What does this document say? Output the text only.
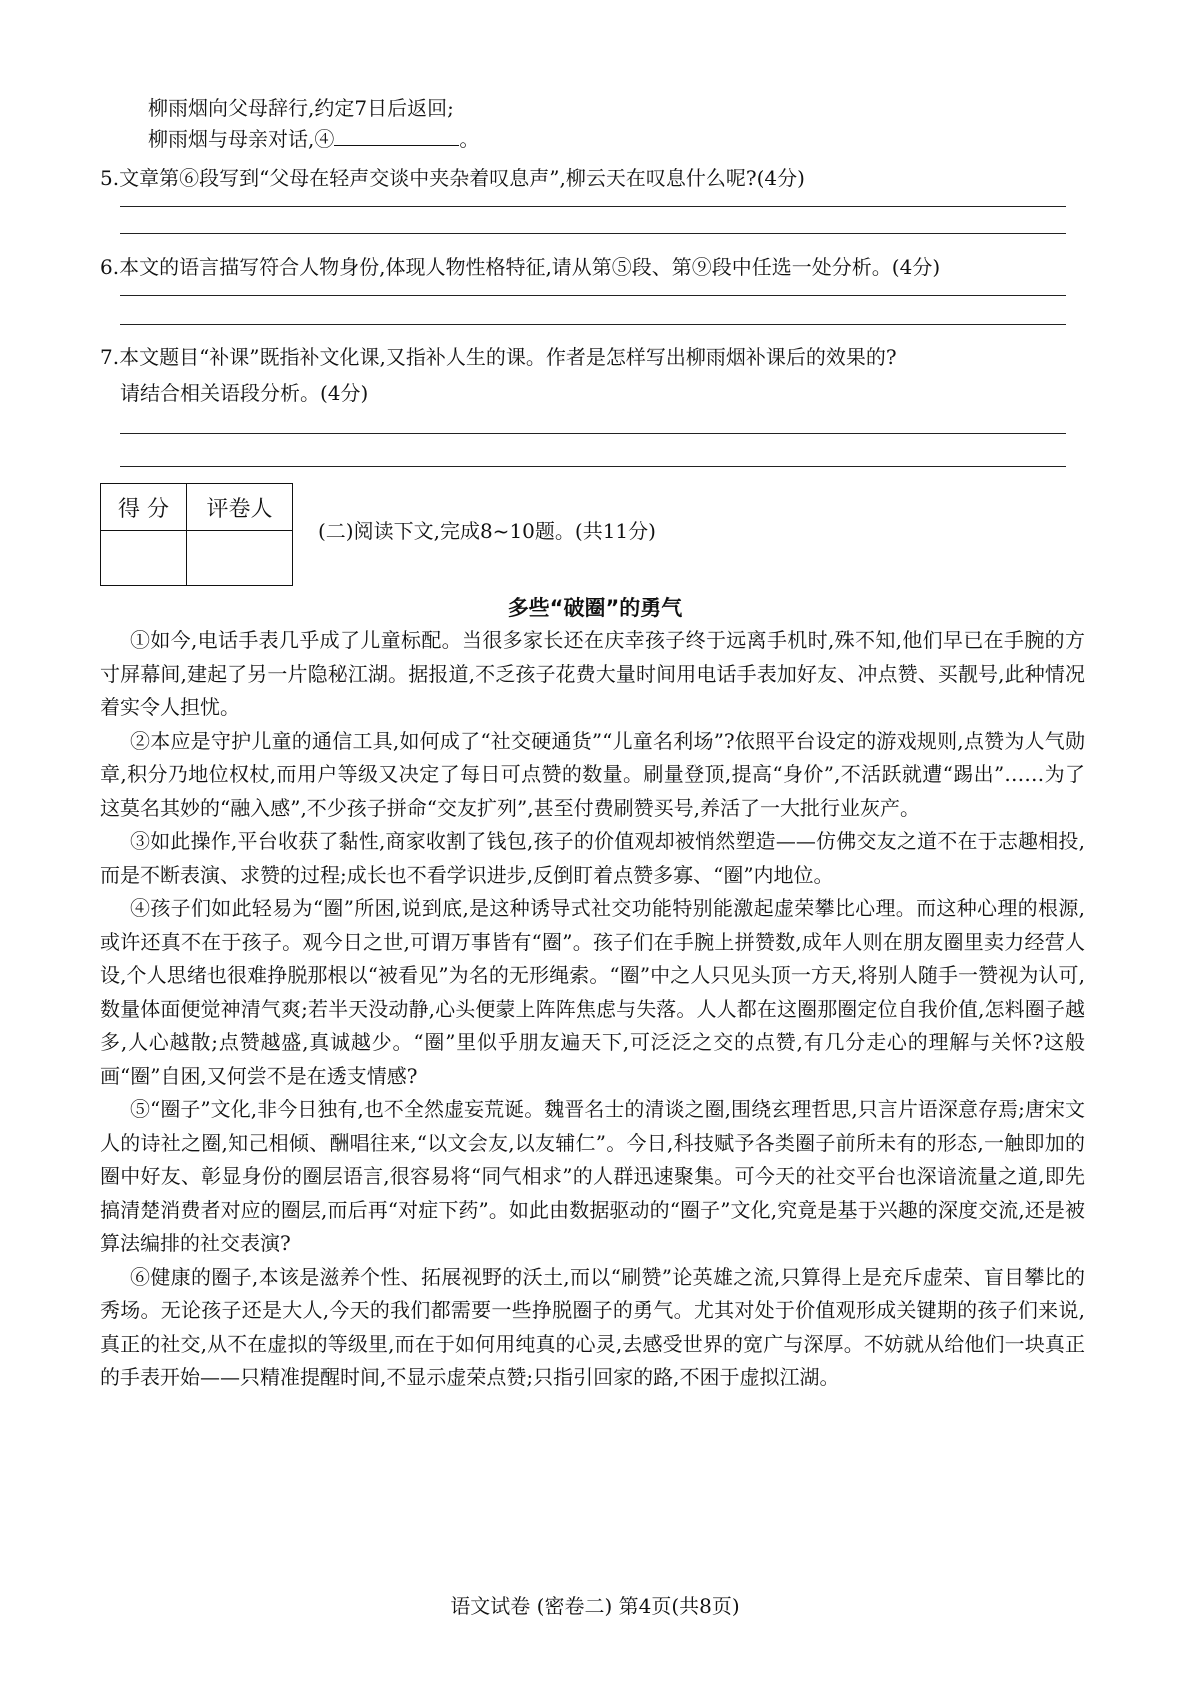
柳雨烟向父母辞行,约定7日后返回;
柳雨烟与母亲对话,④	。
5.文章第⑥段写到“父母在轻声交谈中夹杂着叹息声”,柳云天在叹息什么呢?(4分)
6.本文的语言描写符合人物身份,体现人物性格特征,请从第⑤段、第⑨段中任选一处分析。(4分)
7.本文题目“补课”既指补文化课,又指补人生的课。作者是怎样写出柳雨烟补课后的效果的?
请结合相关语段分析。(4分)
得 分	评卷人

(二)阅读下文,完成8~10题。(共11分)
多些“破圈”的勇气

①如今,电话手表几乎成了儿童标配。当很多家长还在庆幸孩子终于远离手机时,殊不知,他们早已在手腕的方寸屏幕间,建起了另一片隐秘江湖。据报道,不乏孩子花费大量时间用电话手表加好友、冲点赞、买靓号,此种情况着实令人担忧。

②本应是守护儿童的通信工具,如何成了“社交硬通货”“儿童名利场”?依照平台设定的游戏规则,点赞为人气勋章,积分乃地位权杖,而用户等级又决定了每日可点赞的数量。刷量登顶,提高“身价”,不活跃就遭“踢出”……为了这莫名其妙的“融入感”,不少孩子拼命“交友扩列”,甚至付费刷赞买号,养活了一大批行业灰产。

③如此操作,平台收获了黏性,商家收割了钱包,孩子的价值观却被悄然塑造——仿佛交友之道不在于志趣相投,而是不断表演、求赞的过程;成长也不看学识进步,反倒盯着点赞多寡、“圈”内地位。

④孩子们如此轻易为“圈”所困,说到底,是这种诱导式社交功能特别能激起虚荣攀比心理。而这种心理的根源,或许还真不在于孩子。观今日之世,可谓万事皆有“圈”。孩子们在手腕上拼赞数,成年人则在朋友圈里卖力经营人设,个人思绪也很难挣脱那根以“被看见”为名的无形绳索。“圈”中之人只见头顶一方天,将别人随手一赞视为认可,数量体面便觉神清气爽;若半天没动静,心头便蒙上阵阵焦虑与失落。人人都在这圈那圈定位自我价值,怎料圈子越多,人心越散;点赞越盛,真诚越少。“圈”里似乎朋友遍天下,可泛泛之交的点赞,有几分走心的理解与关怀?这般画“圈”自困,又何尝不是在透支情感?

⑤“圈子”文化,非今日独有,也不全然虚妄荒诞。魏晋名士的清谈之圈,围绕玄理哲思,只言片语深意存焉;唐宋文人的诗社之圈,知己相倾、酬唱往来,“以文会友,以友辅仁”。今日,科技赋予各类圈子前所未有的形态,一触即加的圈中好友、彰显身份的圈层语言,很容易将“同气相求”的人群迅速聚集。可今天的社交平台也深谙流量之道,即先搞清楚消费者对应的圈层,而后再“对症下药”。如此由数据驱动的“圈子”文化,究竟是基于兴趣的深度交流,还是被算法编排的社交表演?

⑥健康的圈子,本该是滋养个性、拓展视野的沃土,而以“刷赞”论英雄之流,只算得上是充斥虚荣、盲目攀比的秀场。无论孩子还是大人,今天的我们都需要一些挣脱圈子的勇气。尤其对处于价值观形成关键期的孩子们来说,真正的社交,从不在虚拟的等级里,而在于如何用纯真的心灵,去感受世界的宽广与深厚。不妨就从给他们一块真正的手表开始——只精准提醒时间,不显示虚荣点赞;只指引回家的路,不困于虚拟江湖。

语文试卷 (密卷二) 第4页(共8页)
